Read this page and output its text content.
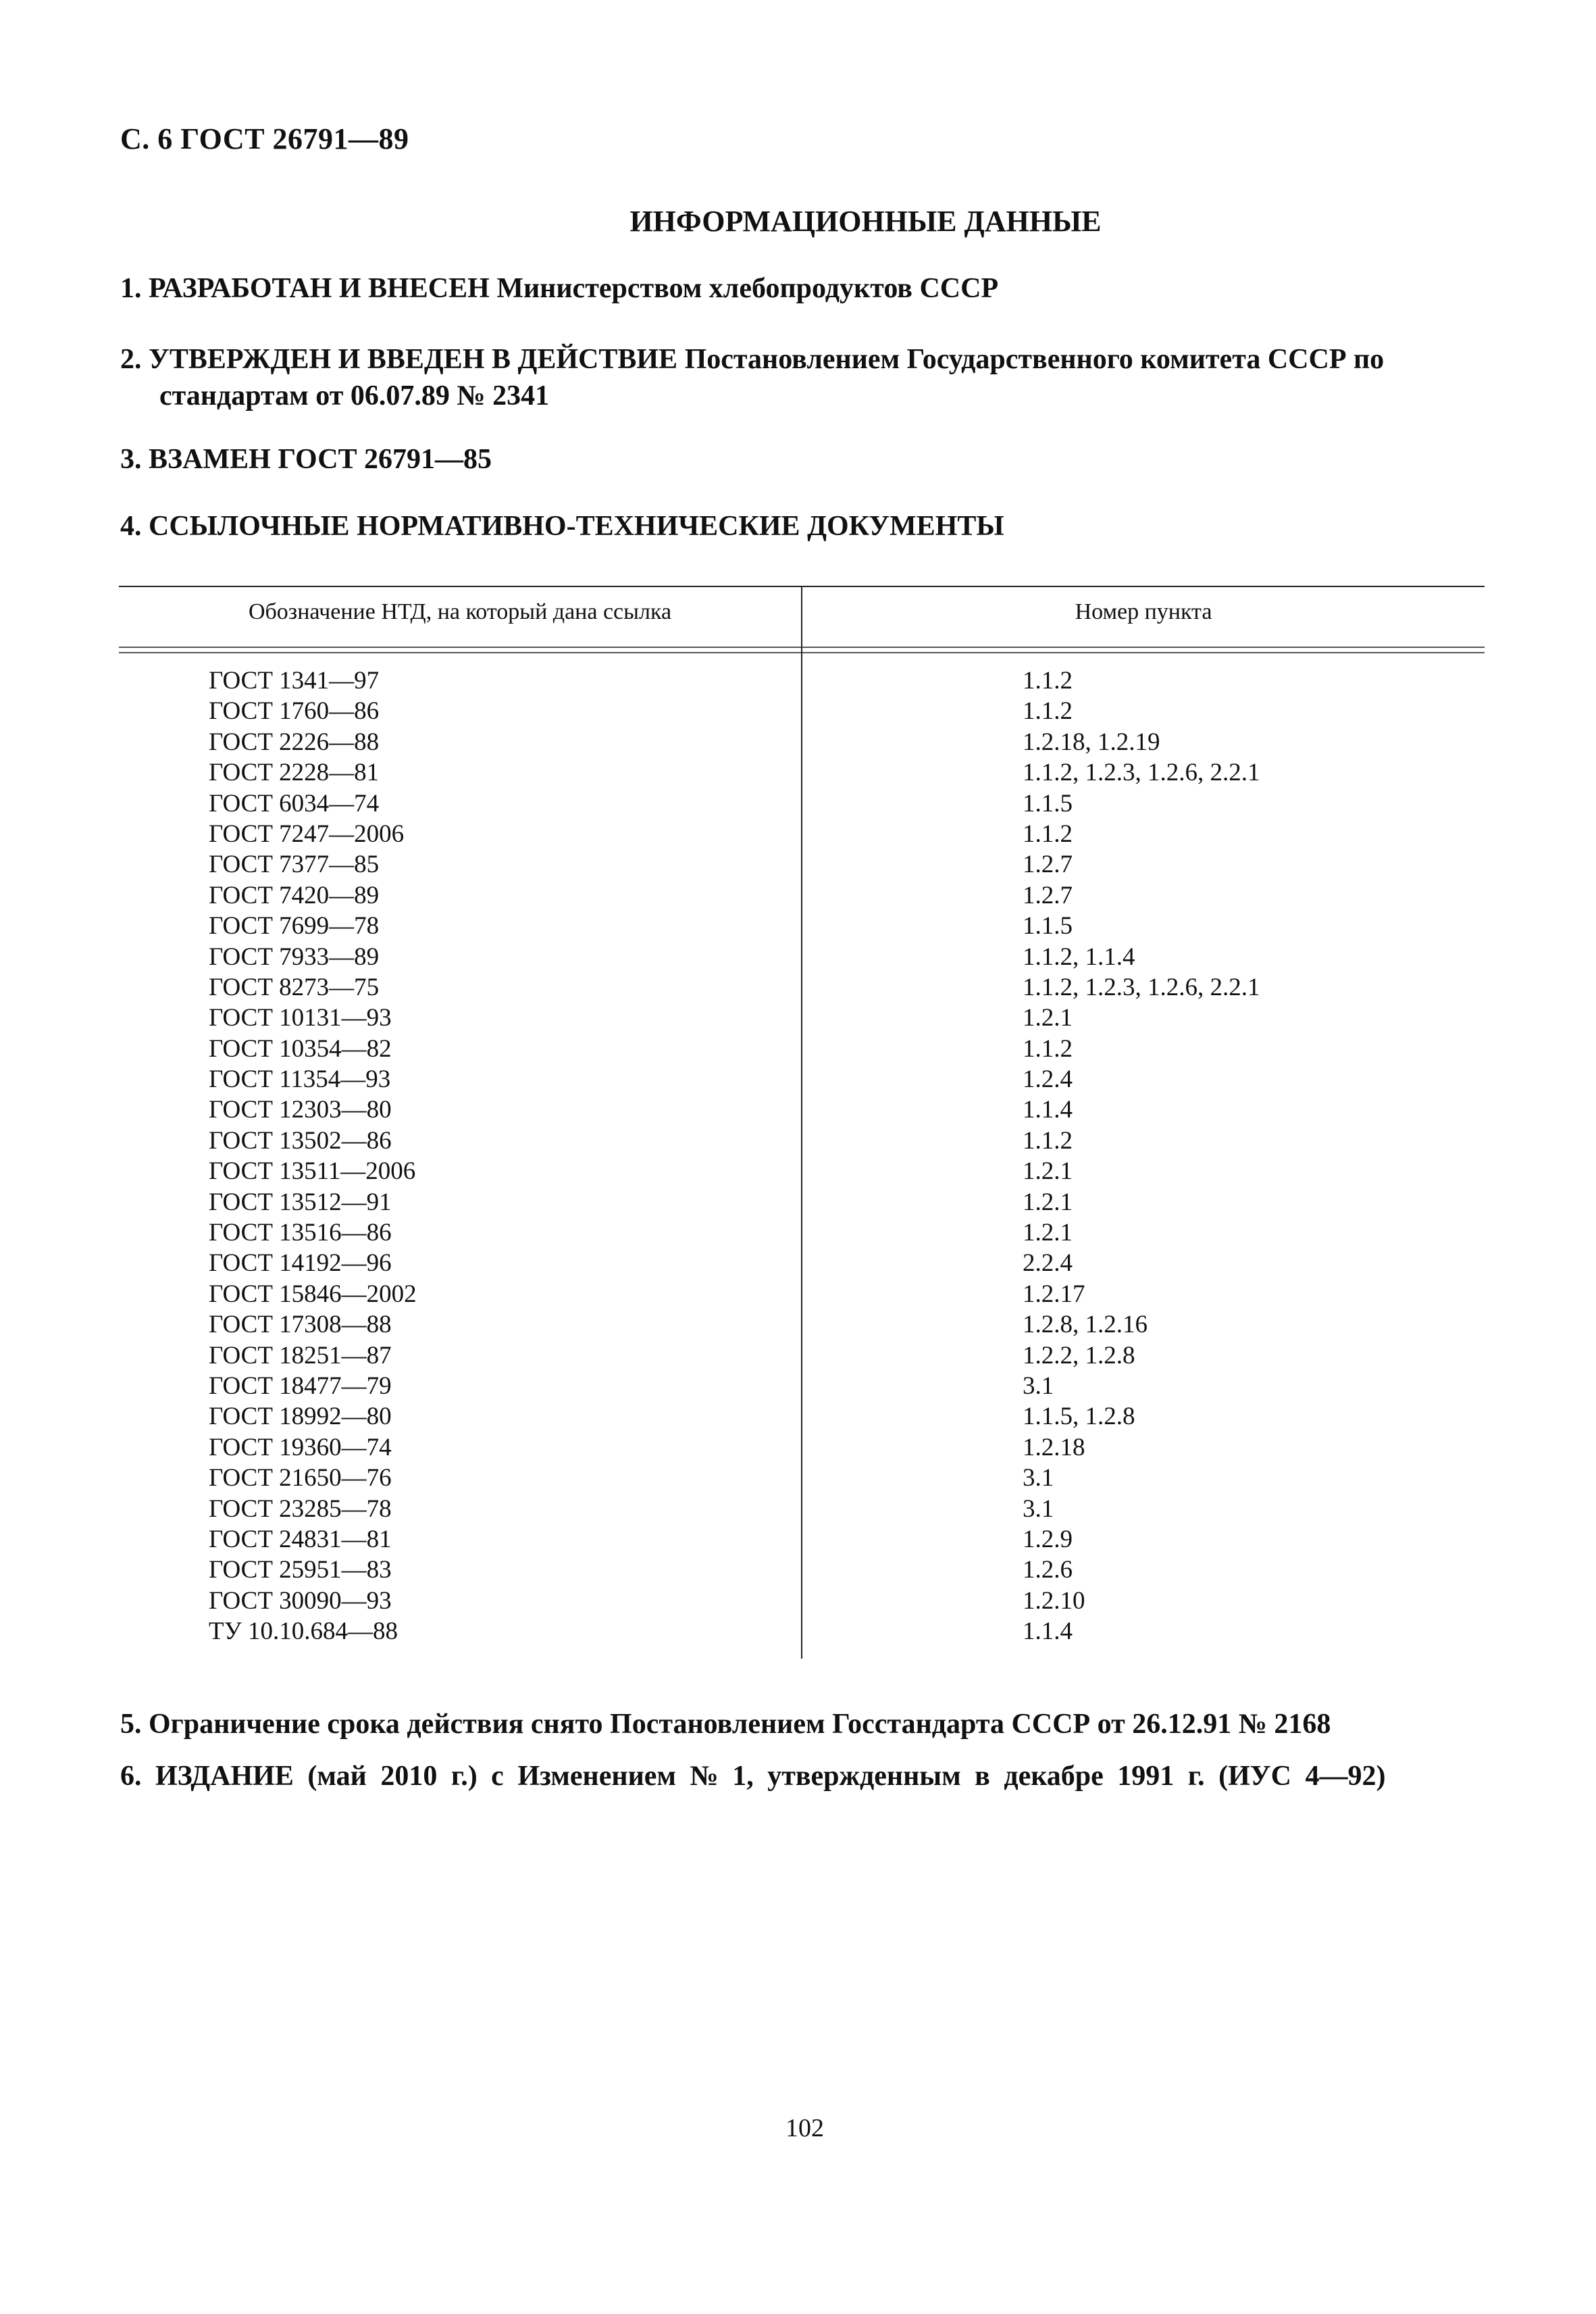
С. 6 ГОСТ 26791—89
ИНФОРМАЦИОННЫЕ ДАННЫЕ
1. РАЗРАБОТАН И ВНЕСЕН Министерством хлебопродуктов СССР
2. УТВЕРЖДЕН И ВВЕДЕН В ДЕЙСТВИЕ Постановлением Государственного комитета СССР по
стандартам от 06.07.89 № 2341
3. ВЗАМЕН ГОСТ 26791—85
4. ССЫЛОЧНЫЕ НОРМАТИВНО-ТЕХНИЧЕСКИЕ ДОКУМЕНТЫ
Обозначение НТД, на который дана ссылка	Номер пункта
ГОСТ 1341—97	1.1.2
ГОСТ 1760—86	1.1.2
ГОСТ 2226—88	1.2.18, 1.2.19
ГОСТ 2228—81	1.1.2, 1.2.3, 1.2.6, 2.2.1
ГОСТ 6034—74	1.1.5
ГОСТ 7247—2006	1.1.2
ГОСТ 7377—85	1.2.7
ГОСТ 7420—89	1.2.7
ГОСТ 7699—78	1.1.5
ГОСТ 7933—89	1.1.2, 1.1.4
ГОСТ 8273—75	1.1.2, 1.2.3, 1.2.6, 2.2.1
ГОСТ 10131—93	1.2.1
ГОСТ 10354—82	1.1.2
ГОСТ 11354—93	1.2.4
ГОСТ 12303—80	1.1.4
ГОСТ 13502—86	1.1.2
ГОСТ 13511—2006	1.2.1
ГОСТ 13512—91	1.2.1
ГОСТ 13516—86	1.2.1
ГОСТ 14192—96	2.2.4
ГОСТ 15846—2002	1.2.17
ГОСТ 17308—88	1.2.8, 1.2.16
ГОСТ 18251—87	1.2.2, 1.2.8
ГОСТ 18477—79	3.1
ГОСТ 18992—80	1.1.5, 1.2.8
ГОСТ 19360—74	1.2.18
ГОСТ 21650—76	3.1
ГОСТ 23285—78	3.1
ГОСТ 24831—81	1.2.9
ГОСТ 25951—83	1.2.6
ГОСТ 30090—93	1.2.10
ТУ 10.10.684—88	1.1.4
5. Ограничение срока действия снято Постановлением Госстандарта СССР от 26.12.91 № 2168
6. ИЗДАНИЕ (май 2010 г.) с Изменением № 1, утвержденным в декабре 1991 г. (ИУС 4—92)
102
